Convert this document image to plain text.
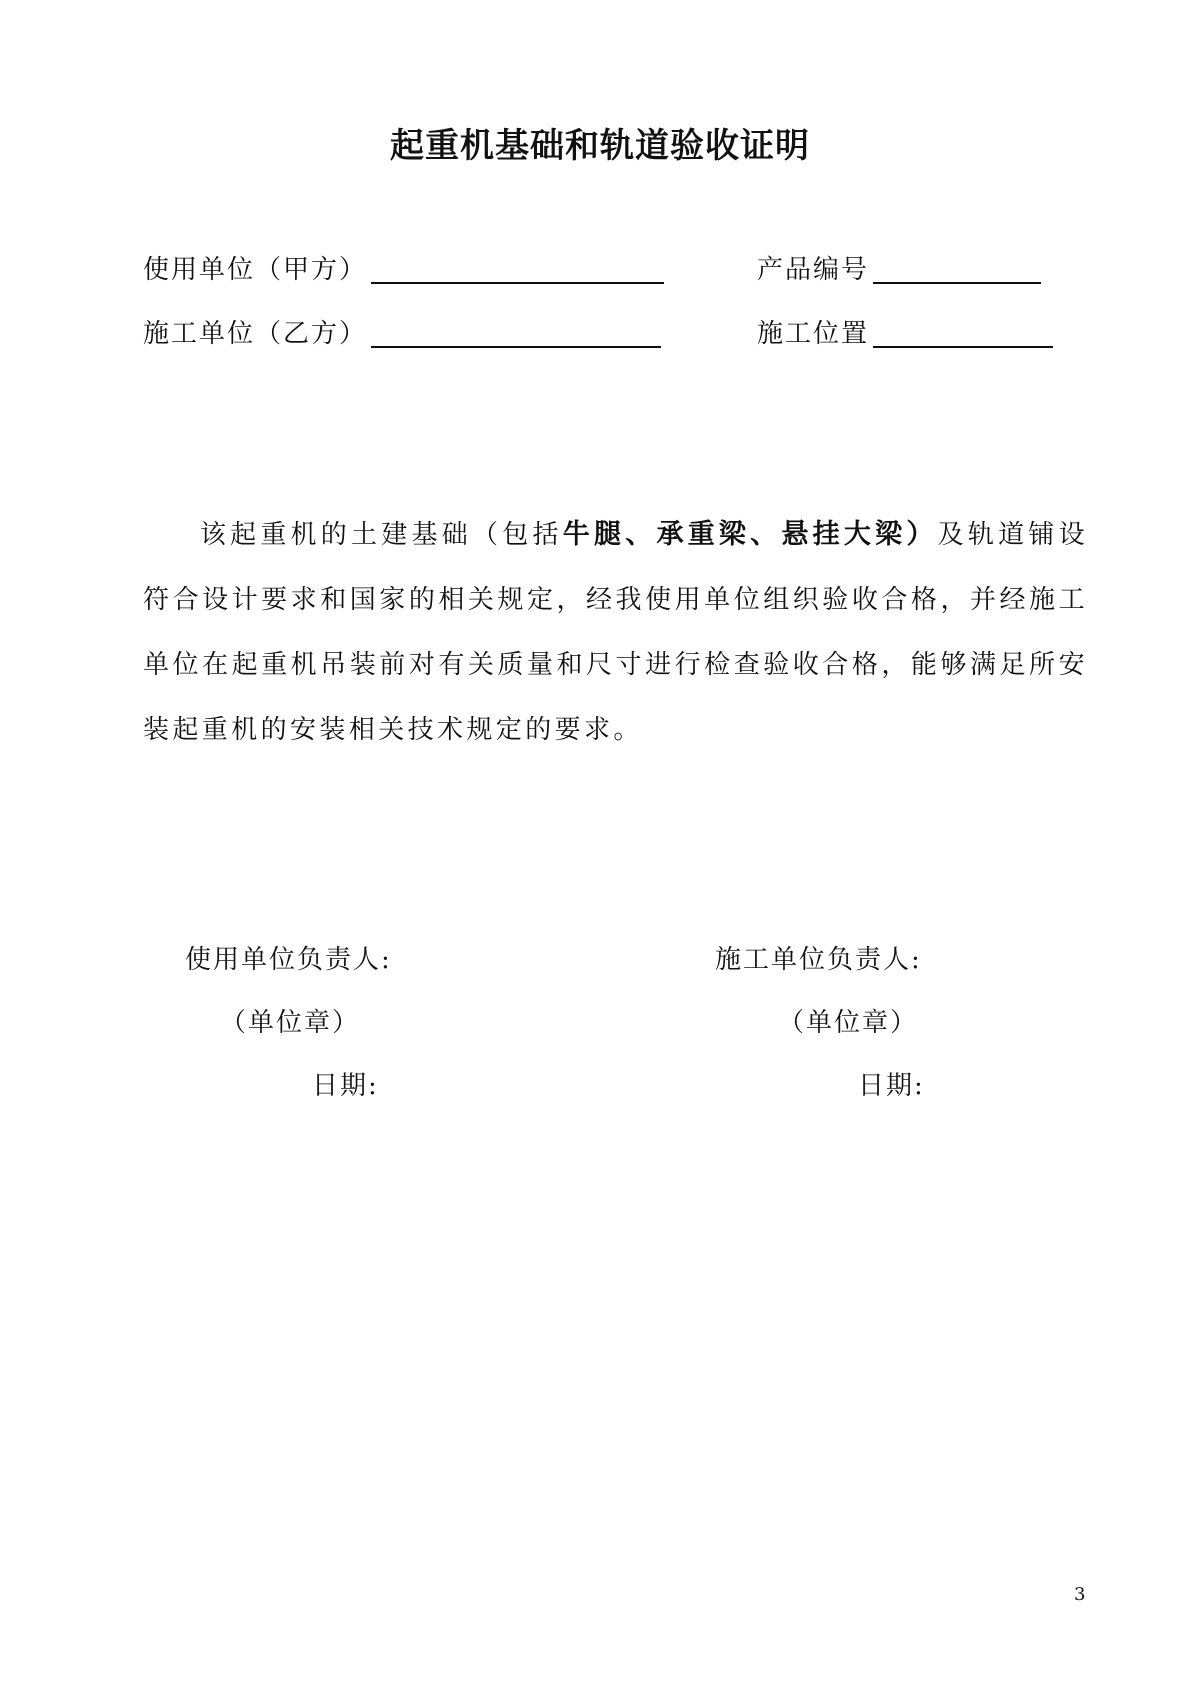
起重机基础和轨道验收证明
使用单位（甲方）	产品编号
施工单位（乙方）	施工位置

该起重机的土建基础（包括牛腿、承重梁、悬挂大梁）及轨道铺设符合设计要求和国家的相关规定，经我使用单位组织验收合格，并经施工单位在起重机吊装前对有关质量和尺寸进行检查验收合格，能够满足所安装起重机的安装相关技术规定的要求。

使用单位负责人:
（单位章）
日期:
施工单位负责人:
（单位章）
日期:
3
